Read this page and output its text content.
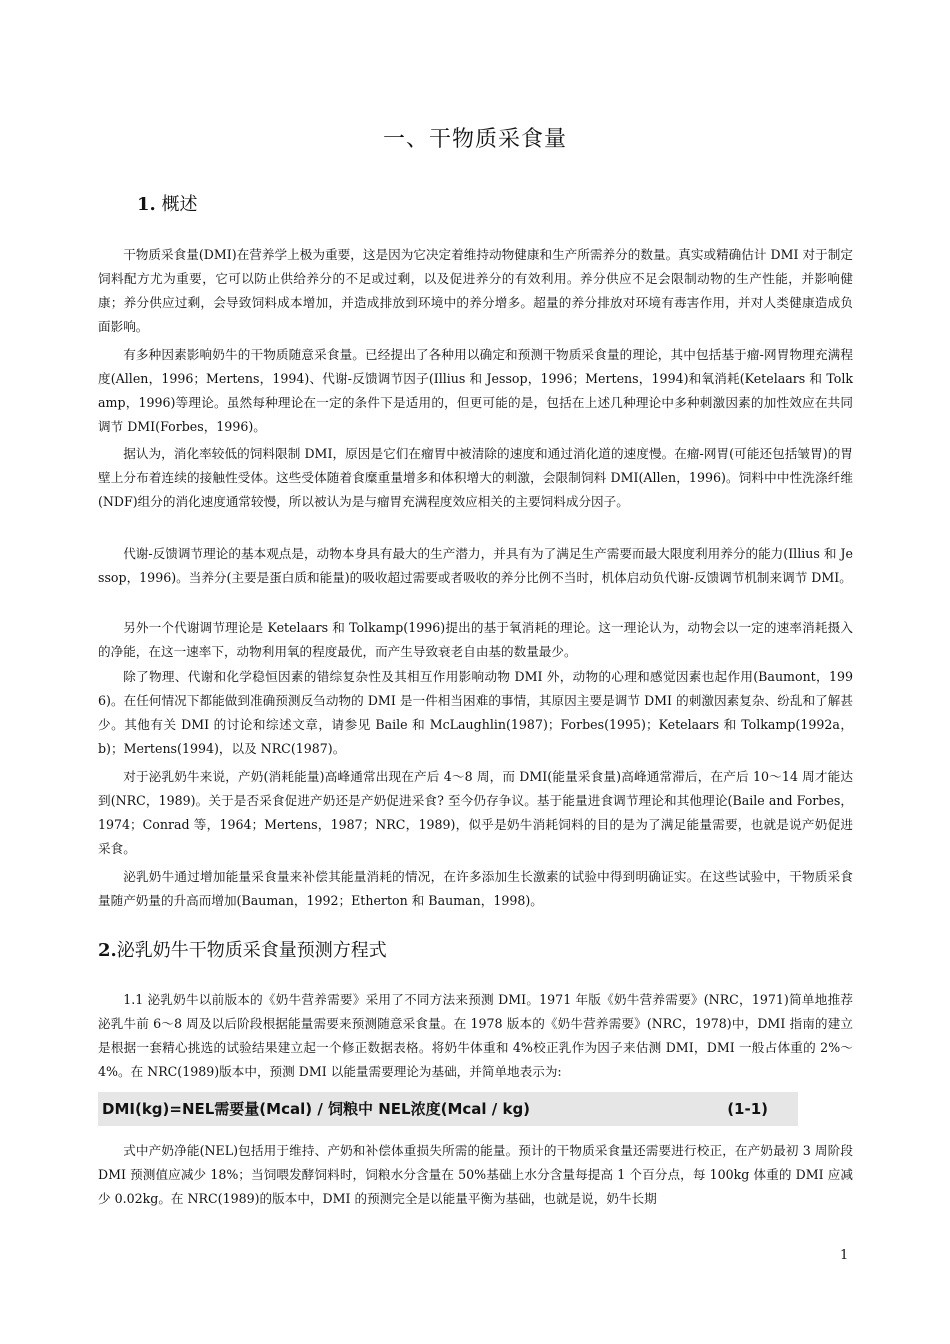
一、干物质采食量
1. 概述

干物质采食量(DMI)在营养学上极为重要，这是因为它决定着维持动物健康和生产所需养分的数量。真实或精确估计 DMI 对于制定饲料配方尤为重要，它可以防止供给养分的不足或过剩，以及促进养分的有效利用。养分供应不足会限制动物的生产性能，并影响健康；养分供应过剩，会导致饲料成本增加，并造成排放到环境中的养分增多。超量的养分排放对环境有毒害作用，并对人类健康造成负面影响。

有多种因素影响奶牛的干物质随意采食量。已经提出了各种用以确定和预测干物质采食量的理论，其中包括基于瘤-网胃物理充满程度(Allen，1996；Mertens，1994)、代谢-反馈调节因子(Illius 和 Jessop，1996；Mertens，1994)和氧消耗(Ketelaars 和 Tolkamp，1996)等理论。虽然每种理论在一定的条件下是适用的，但更可能的是，包括在上述几种理论中多种刺激因素的加性效应在共同调节 DMI(Forbes，1996)。

据认为，消化率较低的饲料限制 DMI，原因是它们在瘤胃中被清除的速度和通过消化道的速度慢。在瘤-网胃(可能还包括皱胃)的胃壁上分布着连续的接触性受体。这些受体随着食糜重量增多和体积增大的刺激，会限制饲料 DMI(Allen，1996)。饲料中中性洗涤纤维(NDF)组分的消化速度通常较慢，所以被认为是与瘤胃充满程度效应相关的主要饲料成分因子。

代谢-反馈调节理论的基本观点是，动物本身具有最大的生产潜力，并具有为了满足生产需要而最大限度利用养分的能力(Illius 和 Jessop，1996)。当养分(主要是蛋白质和能量)的吸收超过需要或者吸收的养分比例不当时，机体启动负代谢-反馈调节机制来调节 DMI。

另外一个代谢调节理论是 Ketelaars 和 Tolkamp(1996)提出的基于氧消耗的理论。这一理论认为，动物会以一定的速率消耗摄入的净能，在这一速率下，动物利用氧的程度最优，而产生导致衰老自由基的数量最少。

除了物理、代谢和化学稳恒因素的错综复杂性及其相互作用影响动物 DMI 外，动物的心理和感觉因素也起作用(Baumont，1996)。在任何情况下都能做到准确预测反刍动物的 DMI 是一件相当困难的事情，其原因主要是调节 DMI 的刺激因素复杂、纷乱和了解甚少。其他有关 DMI 的讨论和综述文章，请参见 Baile 和 McLaughlin(1987)；Forbes(1995)；Ketelaars 和 Tolkamp(1992a，b)；Mertens(1994)，以及 NRC(1987)。

对于泌乳奶牛来说，产奶(消耗能量)高峰通常出现在产后 4～8 周，而 DMI(能量采食量)高峰通常滞后，在产后 10～14 周才能达到(NRC，1989)。关于是否采食促进产奶还是产奶促进采食? 至今仍存争议。基于能量进食调节理论和其他理论(Baile and Forbes，1974；Conrad 等，1964；Mertens，1987；NRC，1989)，似乎是奶牛消耗饲料的目的是为了满足能量需要，也就是说产奶促进采食。

泌乳奶牛通过增加能量采食量来补偿其能量消耗的情况，在许多添加生长激素的试验中得到明确证实。在这些试验中，干物质采食量随产奶量的升高而增加(Bauman，1992；Etherton 和 Bauman，1998)。

2.泌乳奶牛干物质采食量预测方程式

1.1 泌乳奶牛以前版本的《奶牛营养需要》采用了不同方法来预测 DMI。1971 年版《奶牛营养需要》(NRC，1971)简单地推荐泌乳牛前 6～8 周及以后阶段根据能量需要来预测随意采食量。在 1978 版本的《奶牛营养需要》(NRC，1978)中，DMI 指南的建立是根据一套精心挑选的试验结果建立起一个修正数据表格。将奶牛体重和 4%校正乳作为因子来估测 DMI，DMI 一般占体重的 2%～4%。在 NRC(1989)版本中，预测 DMI 以能量需要理论为基础，并简单地表示为:

DMI(kg)=NEL需要量(Mcal) / 饲粮中 NEL浓度(Mcal / kg)	(1-1)

式中产奶净能(NEL)包括用于维持、产奶和补偿体重损失所需的能量。预计的干物质采食量还需要进行校正，在产奶最初 3 周阶段 DMI 预测值应减少 18%；当饲喂发酵饲料时，饲粮水分含量在 50%基础上水分含量每提高 1 个百分点，每 100kg 体重的 DMI 应减少 0.02kg。在 NRC(1989)的版本中，DMI 的预测完全是以能量平衡为基础，也就是说，奶牛长期

1
